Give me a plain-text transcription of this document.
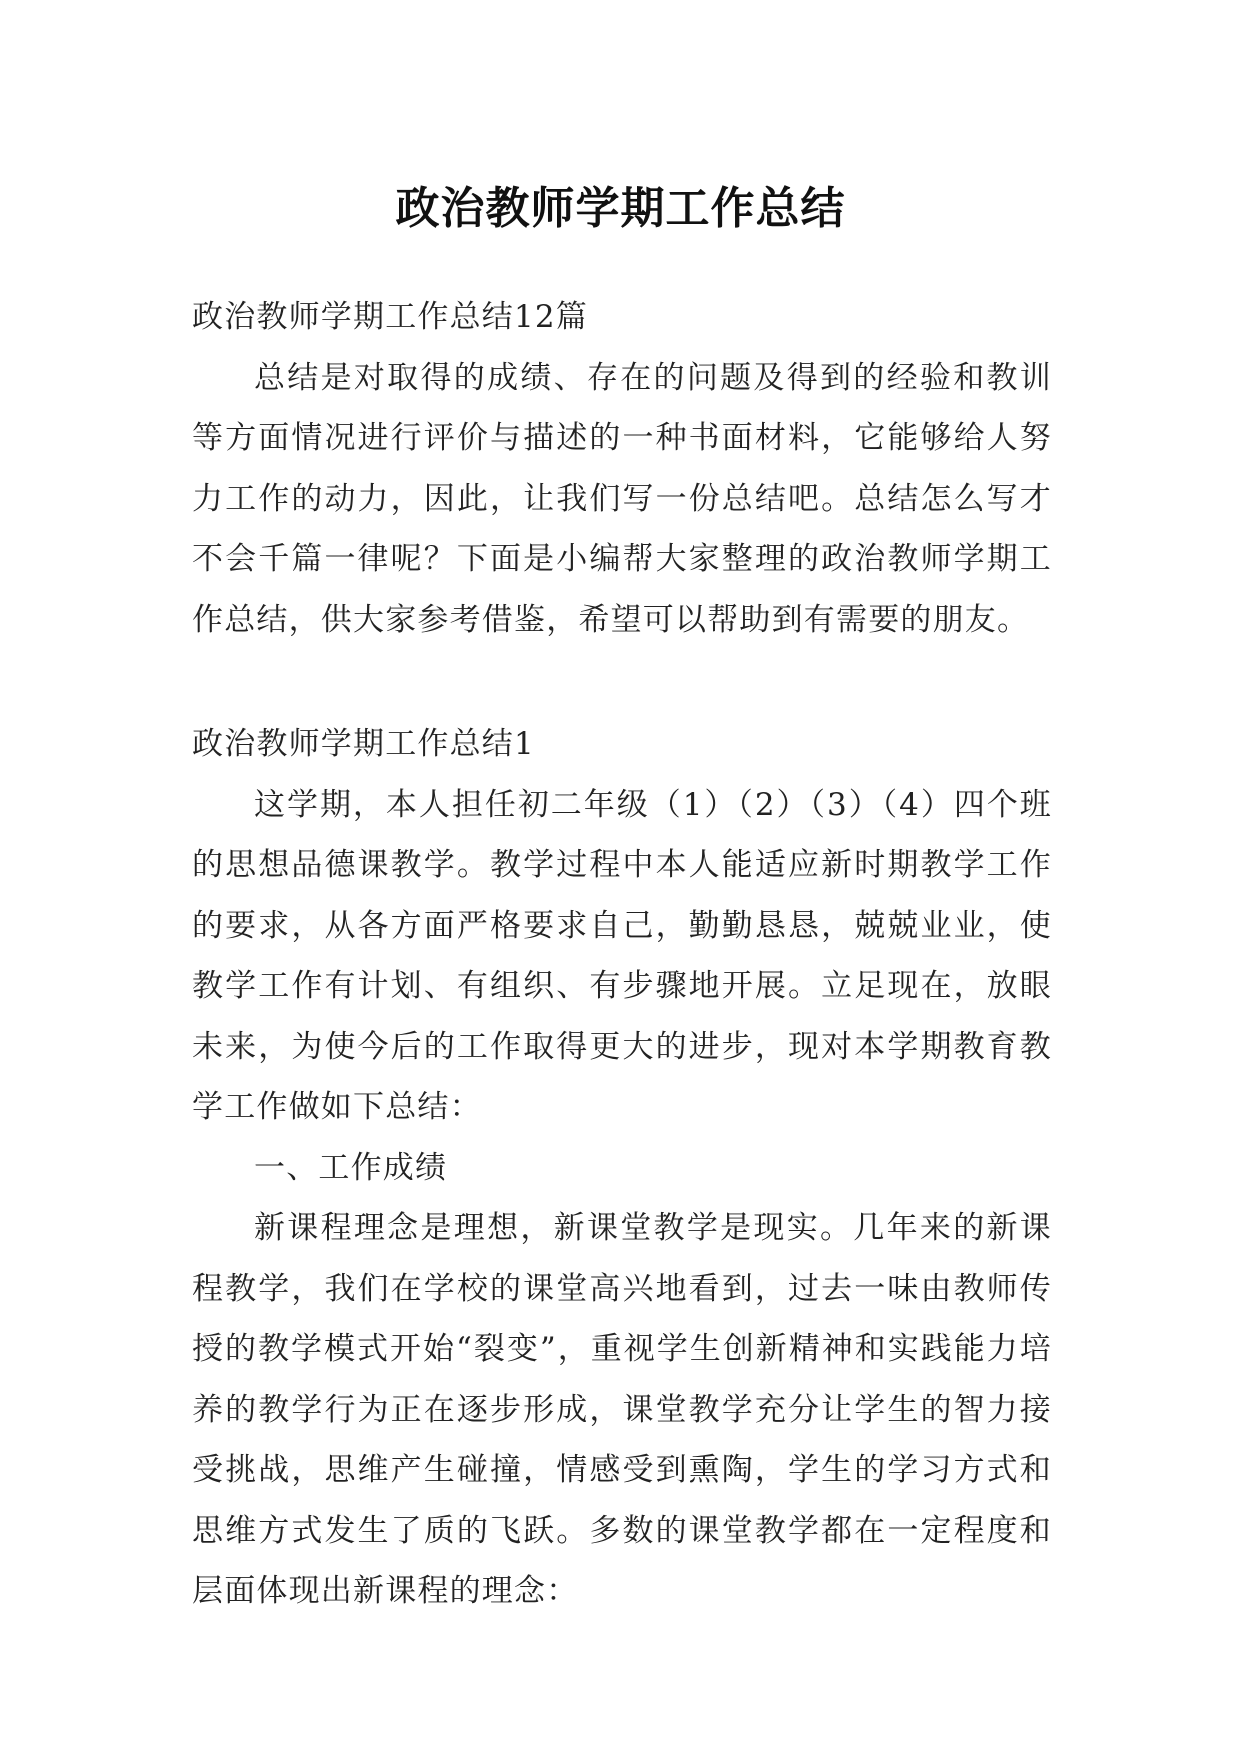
政治教师学期工作总结

政治教师学期工作总结12篇

总结是对取得的成绩、存在的问题及得到的经验和教训等方面情况进行评价与描述的一种书面材料，它能够给人努力工作的动力，因此，让我们写一份总结吧。总结怎么写才不会千篇一律呢？下面是小编帮大家整理的政治教师学期工作总结，供大家参考借鉴，希望可以帮助到有需要的朋友。

政治教师学期工作总结1

这学期，本人担任初二年级（1）（2）（3）（4）四个班的思想品德课教学。教学过程中本人能适应新时期教学工作的要求，从各方面严格要求自己，勤勤恳恳，兢兢业业，使教学工作有计划、有组织、有步骤地开展。立足现在，放眼未来，为使今后的工作取得更大的进步，现对本学期教育教学工作做如下总结：

一、工作成绩

新课程理念是理想，新课堂教学是现实。几年来的新课程教学，我们在学校的课堂高兴地看到，过去一味由教师传授的教学模式开始“裂变”，重视学生创新精神和实践能力培养的教学行为正在逐步形成，课堂教学充分让学生的智力接受挑战，思维产生碰撞，情感受到熏陶，学生的学习方式和思维方式发生了质的飞跃。多数的课堂教学都在一定程度和层面体现出新课程的理念：
